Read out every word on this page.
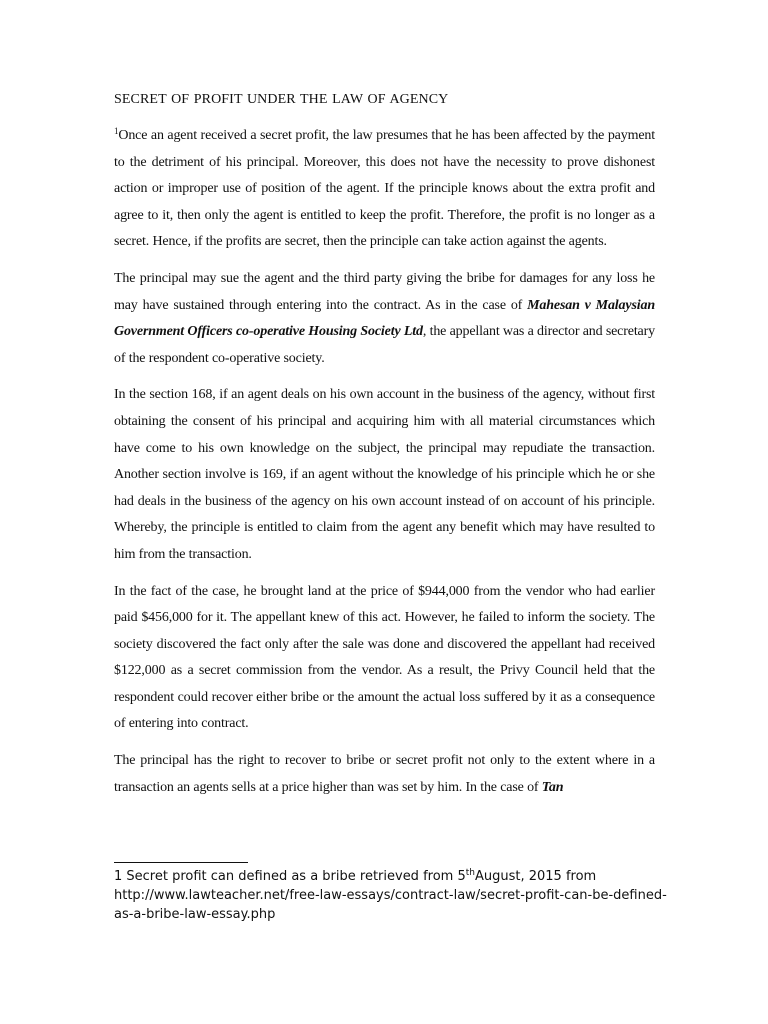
SECRET OF PROFIT UNDER THE LAW OF AGENCY

$^1$Once an agent received a secret profit, the law presumes that he has been affected by the payment to the detriment of his principal. Moreover, this does not have the necessity to prove dishonest action or improper use of position of the agent. If the principle knows about the extra profit and agree to it, then only the agent is entitled to keep the profit. Therefore, the profit is no longer as a secret. Hence, if the profits are secret, then the principle can take action against the agents.

The principal may sue the agent and the third party giving the bribe for damages for any loss he may have sustained through entering into the contract. As in the case of Mahesan v Malaysian Government Officers co-operative Housing Society Ltd, the appellant was a director and secretary of the respondent co-operative society.

In the section 168, if an agent deals on his own account in the business of the agency, without first obtaining the consent of his principal and acquiring him with all material circumstances which have come to his own knowledge on the subject, the principal may repudiate the transaction. Another section involve is 169, if an agent without the knowledge of his principle which he or she had deals in the business of the agency on his own account instead of on account of his principle. Whereby, the principle is entitled to claim from the agent any benefit which may have resulted to him from the transaction.

In the fact of the case, he brought land at the price of $944,000 from the vendor who had earlier paid $456,000 for it. The appellant knew of this act. However, he failed to inform the society. The society discovered the fact only after the sale was done and discovered the appellant had received $122,000 as a secret commission from the vendor. As a result, the Privy Council held that the respondent could recover either bribe or the amount the actual loss suffered by it as a consequence of entering into contract.

The principal has the right to recover to bribe or secret profit not only to the extent where in a transaction an agents sells at a price higher than was set by him. In the case of Tan

1 Secret profit can defined as a bribe retrieved from 5thAugust, 2015 from http://www.lawteacher.net/free-law-essays/contract-law/secret-profit-can-be-defined-as-a-bribe-law-essay.php
